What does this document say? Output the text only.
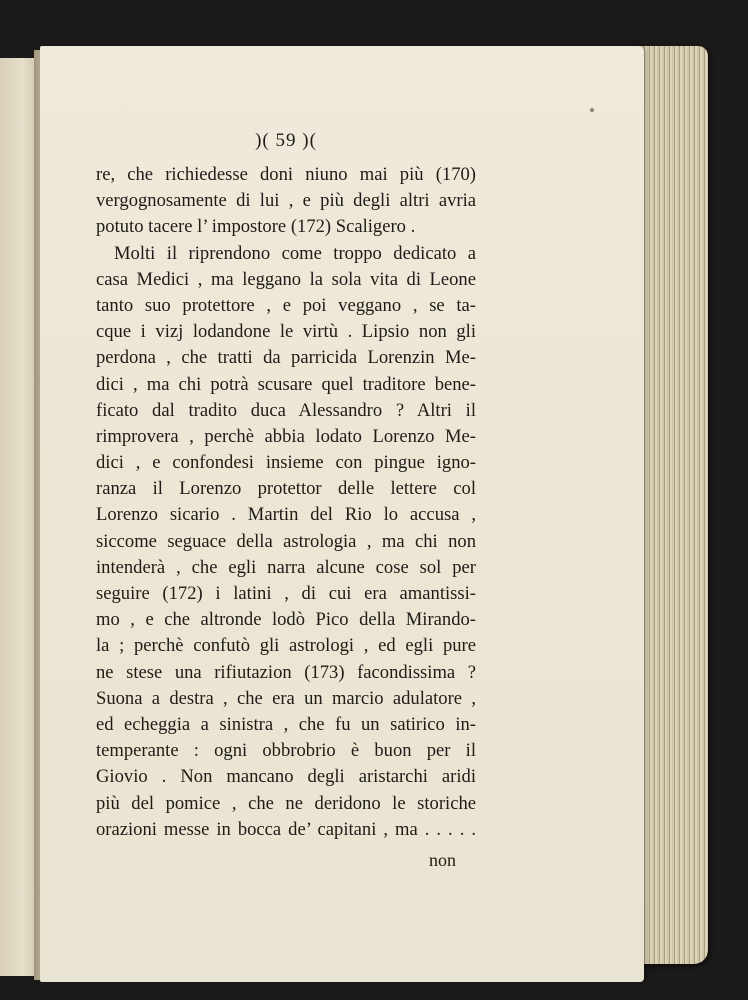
)( 59 )(
re, che richiedesse doni niuno mai più (170)
vergognosamente di lui , e più degli altri avria
potuto tacere l’ impostore (172) Scaligero .
Molti il riprendono come troppo dedicato a
casa Medici , ma leggano la sola vita di Leone
tanto suo protettore , e poi veggano , se ta-
cque i vizj lodandone le virtù . Lipsio non gli
perdona , che tratti da parricida Lorenzin Me-
dici , ma chi potrà scusare quel traditore bene-
ficato dal tradito duca Alessandro ? Altri il
rimprovera , perchè abbia lodato Lorenzo Me-
dici , e confondesi insieme con pingue igno-
ranza il Lorenzo protettor delle lettere col
Lorenzo sicario . Martin del Rio lo accusa ,
siccome seguace della astrologia , ma chi non
intenderà , che egli narra alcune cose sol per
seguire (172) i latini , di cui era amantissi-
mo , e che altronde lodò Pico della Mirando-
la ; perchè confutò gli astrologi , ed egli pure
ne stese una rifiutazion (173) facondissima ?
Suona a destra , che era un marcio adulatore ,
ed echeggia a sinistra , che fu un satirico in-
temperante : ogni obbrobrio è buon per il
Giovio . Non mancano degli aristarchi aridi
più del pomice , che ne deridono le storiche
orazioni messe in bocca de’ capitani , ma . . . . .
non
